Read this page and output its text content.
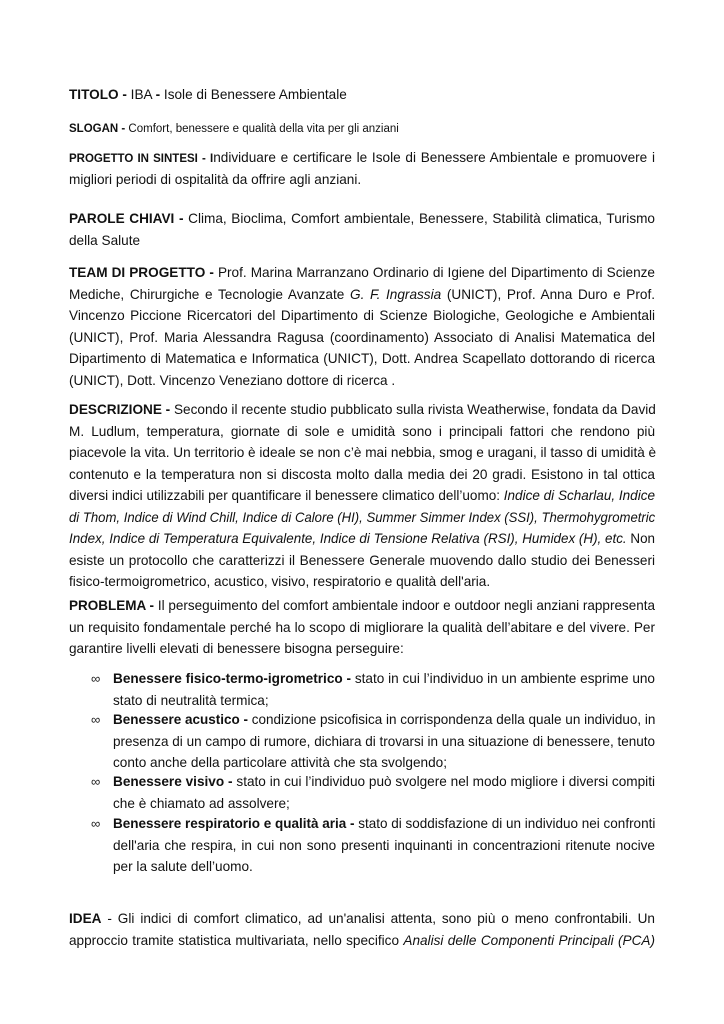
TITOLO - IBA - Isole di Benessere Ambientale
SLOGAN - Comfort, benessere e qualità della vita per gli anziani
PROGETTO IN SINTESI - Individuare e certificare le Isole di Benessere Ambientale e promuovere i
migliori periodi di ospitalità da offrire agli anziani.
PAROLE CHIAVI - Clima, Bioclima, Comfort ambientale, Benessere, Stabilità climatica, Turismo
della Salute
TEAM DI PROGETTO - Prof. Marina Marranzano Ordinario di Igiene del Dipartimento di Scienze
Mediche, Chirurgiche e Tecnologie Avanzate G. F. Ingrassia (UNICT), Prof. Anna Duro e Prof.
Vincenzo Piccione Ricercatori del Dipartimento di Scienze Biologiche, Geologiche e Ambientali
(UNICT), Prof. Maria Alessandra Ragusa (coordinamento) Associato di Analisi Matematica del
Dipartimento di Matematica e Informatica (UNICT), Dott. Andrea Scapellato dottorando di ricerca
(UNICT), Dott. Vincenzo Veneziano dottore di ricerca .
DESCRIZIONE - Secondo il recente studio pubblicato sulla rivista Weatherwise, fondata da David
M. Ludlum, temperatura, giornate di sole e umidità sono i principali fattori che rendono più
piacevole la vita. Un territorio è ideale se non c’è mai nebbia, smog e uragani, il tasso di umidità è
contenuto e la temperatura non si discosta molto dalla media dei 20 gradi. Esistono in tal ottica
diversi indici utilizzabili per quantificare il benessere climatico dell’uomo: Indice di Scharlau, Indice
di Thom, Indice di Wind Chill, Indice di Calore (HI), Summer Simmer Index (SSI), Thermohygrometric
Index, Indice di Temperatura Equivalente, Indice di Tensione Relativa (RSI), Humidex (H), etc. Non
esiste un protocollo che caratterizzi il Benessere Generale muovendo dallo studio dei Benesseri
fisico-termoigrometrico, acustico, visivo, respiratorio e qualità dell'aria.
PROBLEMA - Il perseguimento del comfort ambientale indoor e outdoor negli anziani rappresenta
un requisito fondamentale perché ha lo scopo di migliorare la qualità dell’abitare e del vivere. Per
garantire livelli elevati di benessere bisogna perseguire:
∞ Benessere fisico-termo-igrometrico - stato in cui l’individuo in un ambiente esprime uno
stato di neutralità termica;
∞ Benessere acustico - condizione psicofisica in corrispondenza della quale un individuo, in
presenza di un campo di rumore, dichiara di trovarsi in una situazione di benessere, tenuto
conto anche della particolare attività che sta svolgendo;
∞ Benessere visivo - stato in cui l’individuo può svolgere nel modo migliore i diversi compiti
che è chiamato ad assolvere;
∞ Benessere respiratorio e qualità aria - stato di soddisfazione di un individuo nei confronti
dell'aria che respira, in cui non sono presenti inquinanti in concentrazioni ritenute nocive
per la salute dell’uomo.
IDEA - Gli indici di comfort climatico, ad un'analisi attenta, sono più o meno confrontabili. Un
approccio tramite statistica multivariata, nello specifico Analisi delle Componenti Principali (PCA)
